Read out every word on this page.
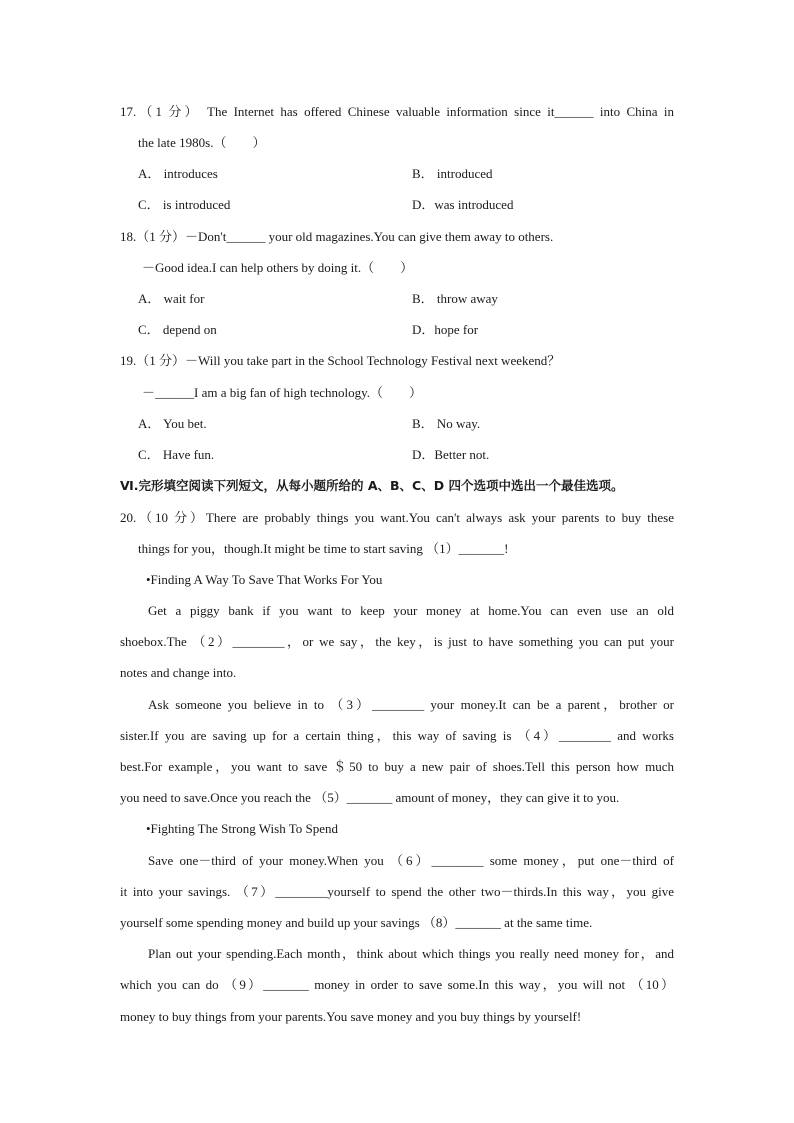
17.（1 分） The Internet has offered Chinese valuable information since it______ into China in
the late 1980s.（　　）
A． introduces	B． introduced
C． is introduced	D．was introduced
18.（1 分）－Don't______ your old magazines.You can give them away to others.
－Good idea.I can help others by doing it.（　　）
A． wait for	B． throw away
C． depend on	D．hope for
19.（1 分）－Will you take part in the School Technology Festival next weekend？
－______I am a big fan of high technology.（　　）
A． You bet.	B． No way.
C． Have fun.	D．Better not.
Ⅵ.完形填空阅读下列短文，从每小题所给的 A、B、C、D 四个选项中选出一个最佳选项。
20.（10 分）There are probably things you want.You can't always ask your parents to buy these
things for you，though.It might be time to start saving （1）_______!
•Finding A Way To Save That Works For You
Get a piggy bank if you want to keep your money at home.You can even use an old
shoebox.The （2）________，or we say，the key，is just to have something you can put your
notes and change into.
Ask someone you believe in to （3）________ your money.It can be a parent，brother or
sister.If you are saving up for a certain thing，this way of saving is （4）________ and works
best.For example，you want to save ＄50 to buy a new pair of shoes.Tell this person how much
you need to save.Once you reach the （5）_______ amount of money，they can give it to you.
•Fighting The Strong Wish To Spend
Save one－third of your money.When you （6）________ some money，put one－third of
it into your savings. （7）________yourself to spend the other two－thirds.In this way，you give
yourself some spending money and build up your savings （8）_______ at the same time.
Plan out your spending.Each month，think about which things you really need money for，and
which you can do （9）_______ money in order to save some.In this way，you will not （10）
money to buy things from your parents.You save money and you buy things by yourself!
